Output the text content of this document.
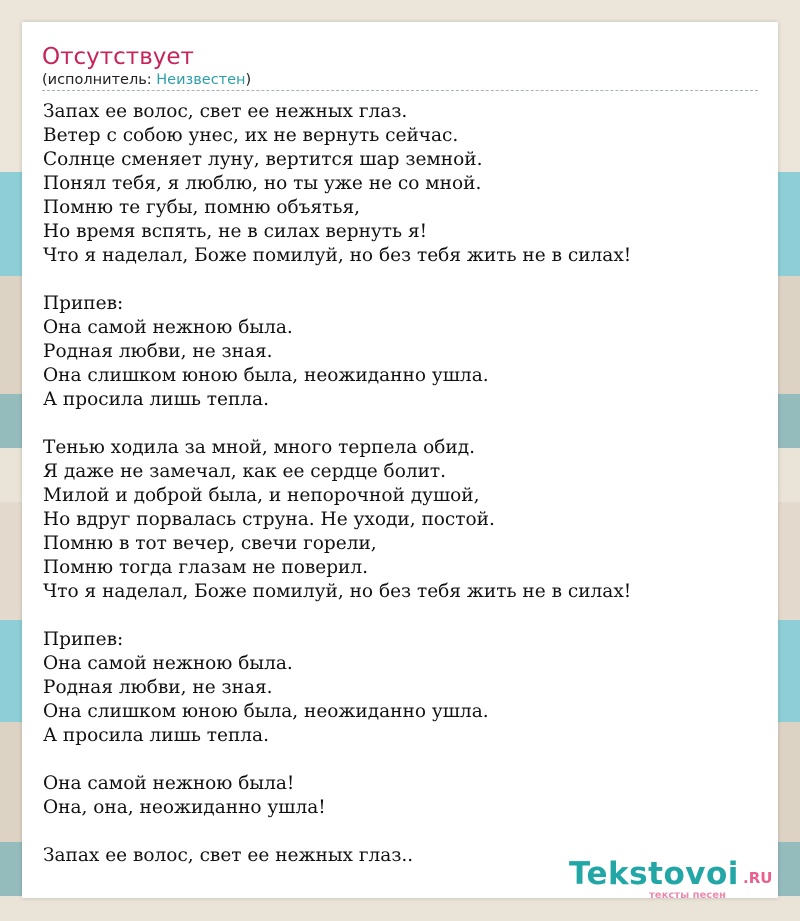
Отсутствует
(исполнитель: Неизвестен)
Запах ее волос, свет ее нежных глаз.
Ветер с собою унес, их не вернуть сейчас.
Солнце сменяет луну, вертится шар земной.
Понял тебя, я люблю, но ты уже не со мной.
Помню те губы, помню объятья,
Но время вспять, не в силах вернуть я!
Что я наделал, Боже помилуй, но без тебя жить не в силах!
Припев:
Она самой нежною была.
Родная любви, не зная.
Она слишком юною была, неожиданно ушла.
А просила лишь тепла.
Тенью ходила за мной, много терпела обид.
Я даже не замечал, как ее сердце болит.
Милой и доброй была, и непорочной душой,
Но вдруг порвалась струна. Не уходи, постой.
Помню в тот вечер, свечи горели,
Помню тогда глазам не поверил.
Что я наделал, Боже помилуй, но без тебя жить не в силах!
Припев:
Она самой нежною была.
Родная любви, не зная.
Она слишком юною была, неожиданно ушла.
А просила лишь тепла.
Она самой нежною была!
Она, она, неожиданно ушла!
Запах ее волос, свет ее нежных глаз..
Tekstovoi .RU
тексты песен
